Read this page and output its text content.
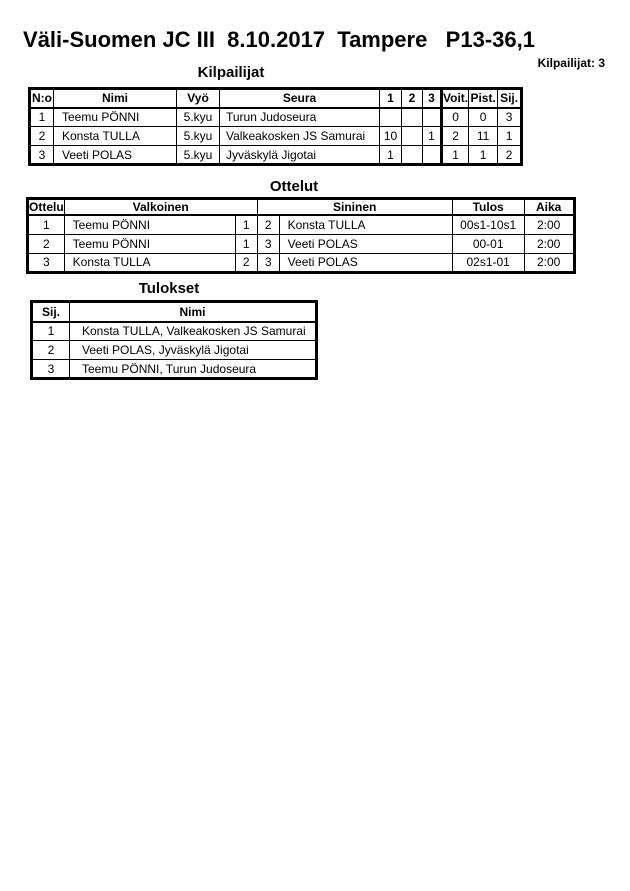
Väli-Suomen JC III  8.10.2017  Tampere   P13-36,1
Kilpailijat: 3
Kilpailijat
N:o	Nimi	Vyö	Seura	1	2	3	Voit.	Pist.	Sij.
1	Teemu PÖNNI	5.kyu	Turun Judoseura				0	0	3
2	Konsta TULLA	5.kyu	Valkeakosken JS Samurai	10		1	2	11	1
3	Veeti POLAS	5.kyu	Jyväskylä Jigotai	1			1	1	2
Ottelut
Ottelu	Valkoinen		Sininen		Tulos	Aika
1	Teemu PÖNNI	1	2	Konsta TULLA	00s1-10s1	2:00
2	Teemu PÖNNI	1	3	Veeti POLAS	00-01	2:00
3	Konsta TULLA	2	3	Veeti POLAS	02s1-01	2:00
Tulokset
Sij.	Nimi
1	Konsta TULLA, Valkeakosken JS Samurai
2	Veeti POLAS, Jyväskylä Jigotai
3	Teemu PÖNNI, Turun Judoseura
